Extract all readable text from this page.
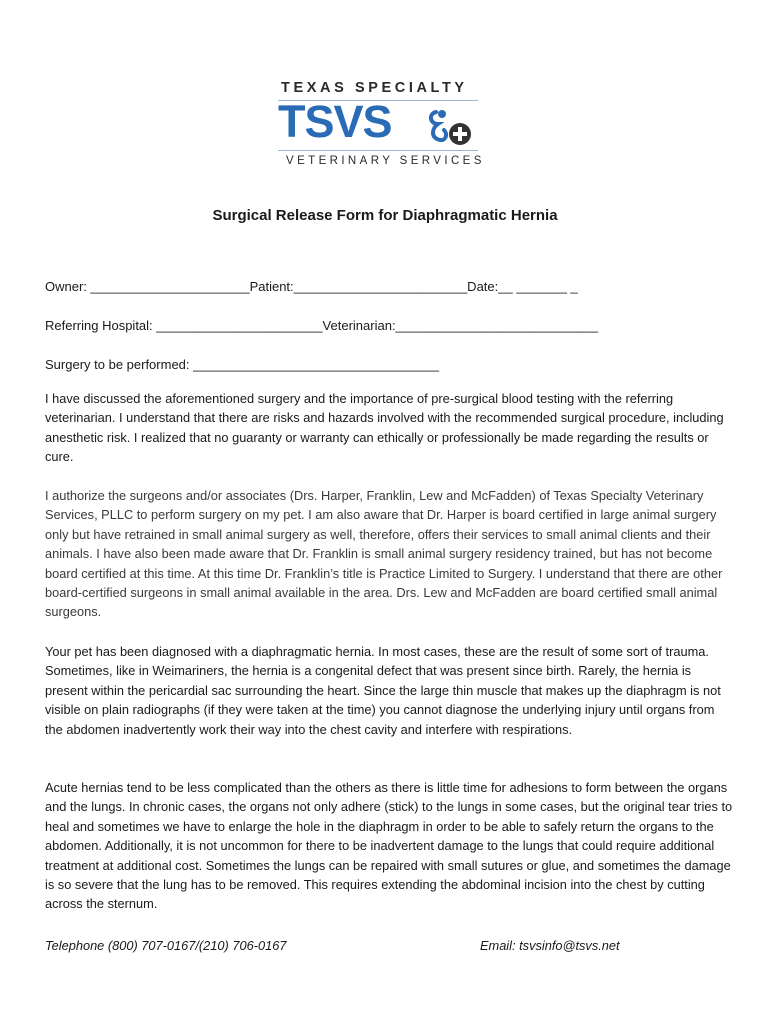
TEXAS SPECIALTY
TSVS
VETERINARY SERVICES
Surgical Release Form for Diaphragmatic Hernia
Owner: ______________________Patient:________________________Date:__ _______ _
Referring Hospital: _______________________Veterinarian:____________________________
Surgery to be performed: __________________________________
I have discussed the aforementioned surgery and the importance of pre-surgical blood testing with the referring veterinarian. I understand that there are risks and hazards involved with the recommended surgical procedure, including anesthetic risk. I realized that no guaranty or warranty can ethically or professionally be made regarding the results or cure.
I authorize the surgeons and/or associates (Drs. Harper, Franklin, Lew and McFadden) of Texas Specialty Veterinary Services, PLLC to perform surgery on my pet. I am also aware that Dr. Harper is board certified in large animal surgery only but have retrained in small animal surgery as well, therefore, offers their services to small animal clients and their animals. I have also been made aware that Dr. Franklin is small animal surgery residency trained, but has not become board certified at this time. At this time Dr. Franklin’s title is Practice Limited to Surgery. I understand that there are other board-certified surgeons in small animal available in the area. Drs. Lew and McFadden are board certified small animal surgeons.
Your pet has been diagnosed with a diaphragmatic hernia. In most cases, these are the result of some sort of trauma. Sometimes, like in Weimariners, the hernia is a congenital defect that was present since birth. Rarely, the hernia is present within the pericardial sac surrounding the heart. Since the large thin muscle that makes up the diaphragm is not visible on plain radiographs (if they were taken at the time) you cannot diagnose the underlying injury until organs from the abdomen inadvertently work their way into the chest cavity and interfere with respirations.
Acute hernias tend to be less complicated than the others as there is little time for adhesions to form between the organs and the lungs. In chronic cases, the organs not only adhere (stick) to the lungs in some cases, but the original tear tries to heal and sometimes we have to enlarge the hole in the diaphragm in order to be able to safely return the organs to the abdomen. Additionally, it is not uncommon for there to be inadvertent damage to the lungs that could require additional treatment at additional cost. Sometimes the lungs can be repaired with small sutures or glue, and sometimes the damage is so severe that the lung has to be removed. This requires extending the abdominal incision into the chest by cutting across the sternum.
Telephone (800) 707-0167/(210) 706-0167	Email: tsvsinfo@tsvs.net
